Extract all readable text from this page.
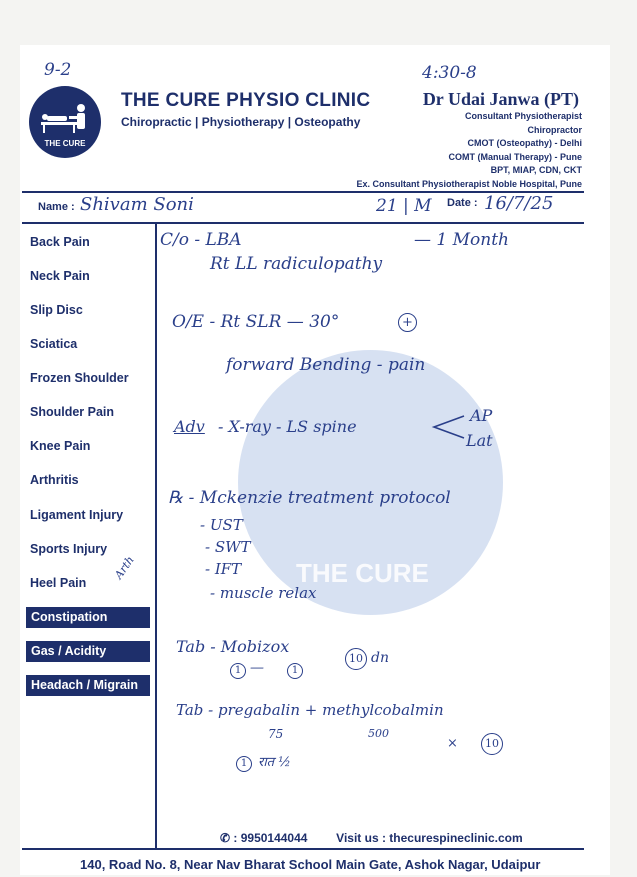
THE CURE
9-2	4:30-8
THE CURE
THE CURE PHYSIO CLINIC
Chiropractic | Physiotherapy | Osteopathy
Dr Udai Janwa (PT)
Consultant Physiotherapist
Chiropractor
CMOT (Osteopathy) - Delhi
COMT (Manual Therapy) - Pune
BPT, MIAP, CDN, CKT
Ex. Consultant Physiotherapist Noble Hospital, Pune
Name : Shivam Soni	21 | M Date : 16/7/25
Back Pain
Neck Pain
Slip Disc
Sciatica
Frozen Shoulder
Shoulder Pain
Knee Pain
Arthritis
Ligament Injury
Sports Injury
Heel Pain
Arth
Constipation
Gas / Acidity
Headach / Migrain
C/o - LBA	— 1 Month
Rt LL radiculopathy
O/E - Rt SLR — 30°	+
forward Bending - pain
Adv - X-ray - LS spine
AP
Lat
℞ - Mckenzie treatment protocol
- UST
- SWT
- IFT
- muscle relax
Tab - Mobizox
1 —	1
10 dn
Tab - pregabalin + methylcobalmin
75	500
×	10
1 रात ½
✆ : 9950144044 Visit us : thecurespineclinic.com
140, Road No. 8, Near Nav Bharat School Main Gate, Ashok Nagar, Udaipur
